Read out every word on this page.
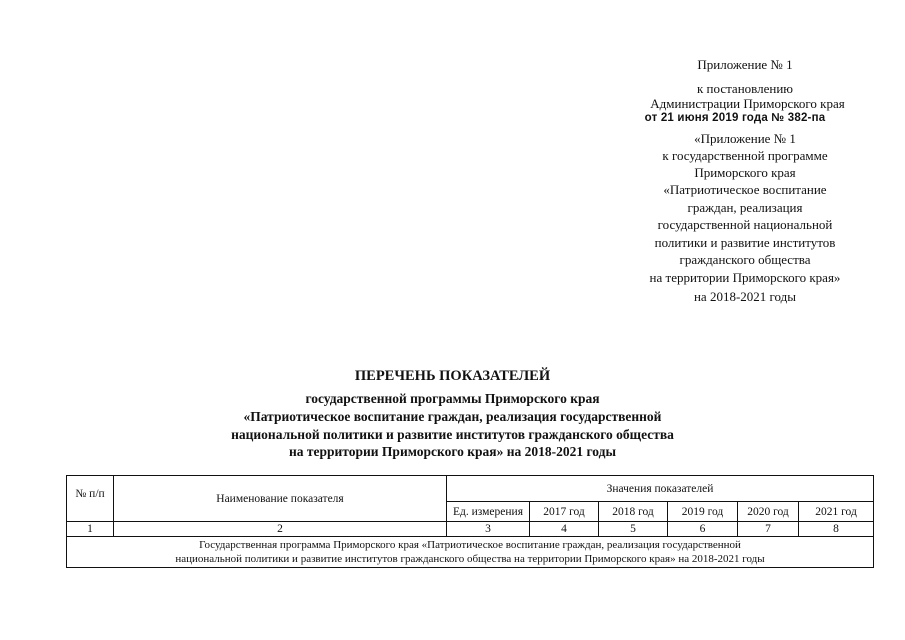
Приложение № 1
к постановлению
Администрации Приморского края
от 21 июня 2019 года № 382-па
«Приложение № 1
к государственной программе
Приморского края
«Патриотическое воспитание
граждан, реализация
государственной национальной
политики и развитие институтов
гражданского общества
на территории Приморского края»
на 2018-2021 годы
ПЕРЕЧЕНЬ ПОКАЗАТЕЛЕЙ
государственной программы Приморского края
«Патриотическое воспитание граждан, реализация государственной
национальной политики и развитие институтов гражданского общества
на территории Приморского края» на 2018-2021 годы
№ п/п	Наименование показателя	Значения показателей					
		Ед. измерения	2017 год	2018 год	2019 год	2020 год	2021 год
1	2	3	4	5	6	7	8

Государственная программа Приморского края «Патриотическое воспитание граждан, реализация государственной
национальной политики и развитие институтов гражданского общества на территории Приморского края» на 2018-2021 годы							
